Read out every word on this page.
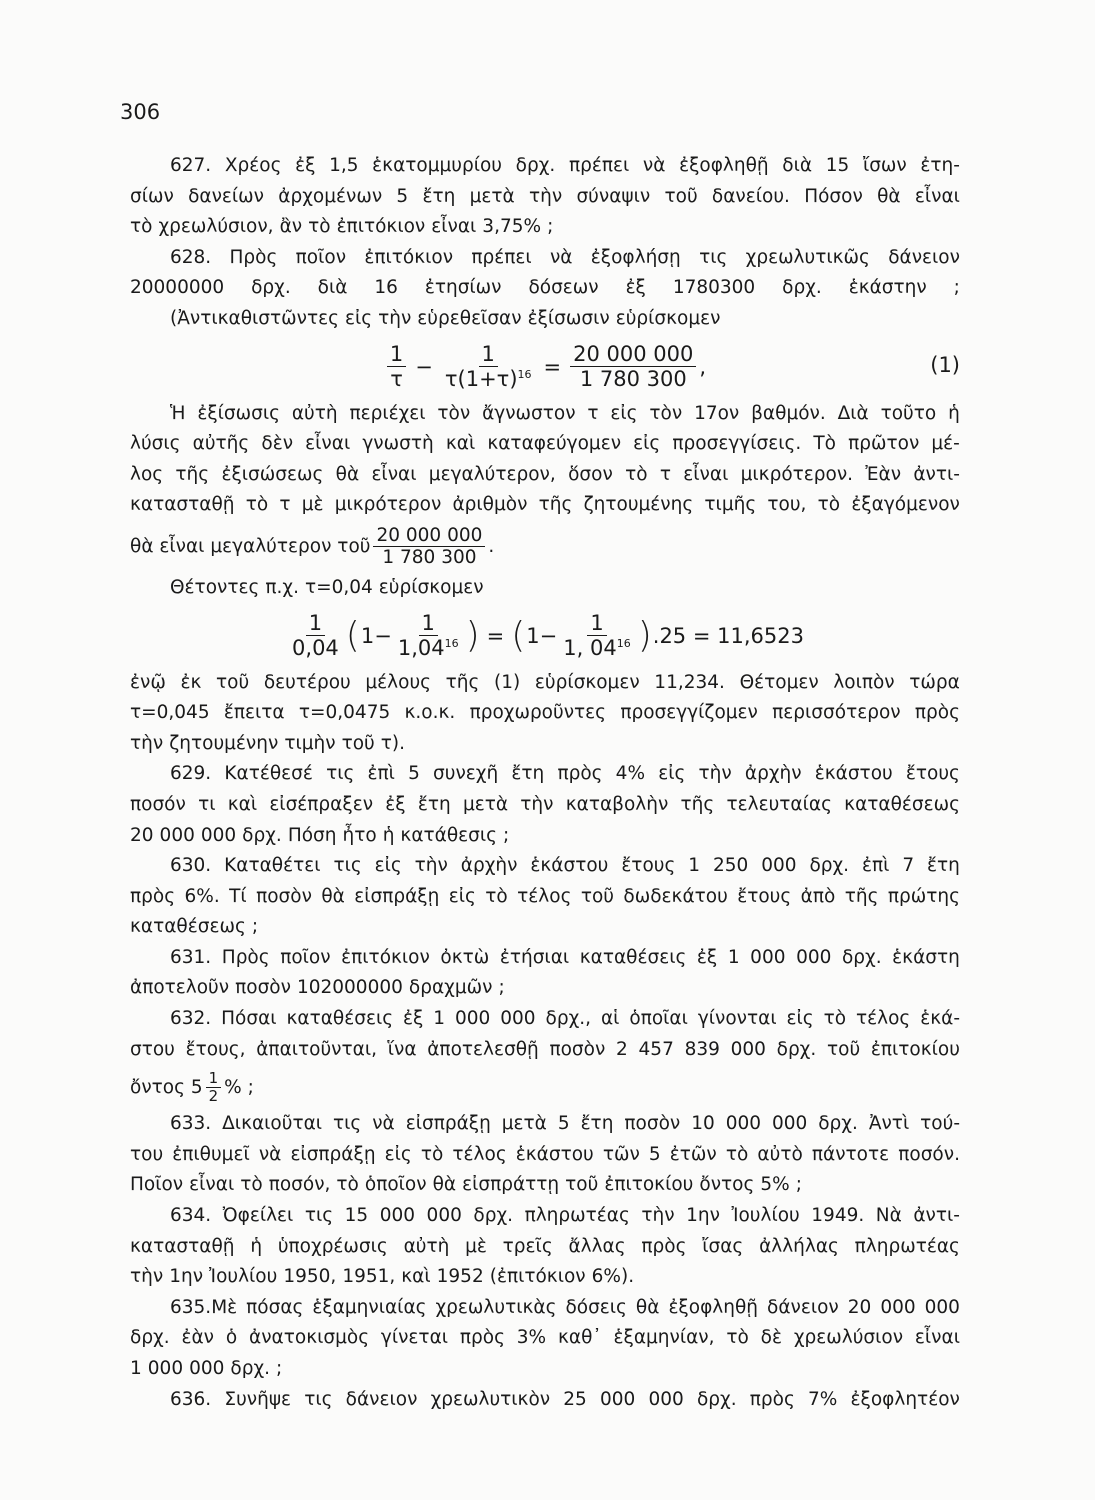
306
627. Χρέος ἐξ 1,5 ἑκατομμυρίου δρχ. πρέπει νὰ ἐξοφληθῇ διὰ 15 ἴσων ἐτη-
σίων δανείων ἀρχομένων 5 ἔτη μετὰ τὴν σύναψιν τοῦ δανείου. Πόσον θὰ εἶναι
τὸ χρεωλύσιον, ἂν τὸ ἐπιτόκιον εἶναι 3,75% ;
628. Πρὸς ποῖον ἐπιτόκιον πρέπει νὰ ἐξοφλήσῃ τις χρεωλυτικῶς δάνειον
20000000 δρχ. διὰ 16 ἐτησίων δόσεων ἐξ 1780300 δρχ. ἑκάστην ;
(Ἀντικαθιστῶντες εἰς τὴν εὑρεθεῖσαν ἐξίσωσιν εὑρίσκομεν
$\frac{1}{\tau} - \frac{1}{\tau(1+\tau)^{16}} = \frac{20 000 000}{1 780 300}$ ,	(1)
Ἡ ἐξίσωσις αὐτὴ περιέχει τὸν ἄγνωστον τ εἰς τὸν 17ον βαθμόν. Διὰ τοῦτο ἡ
λύσις αὐτῆς δὲν εἶναι γνωστὴ καὶ καταφεύγομεν εἰς προσεγγίσεις. Τὸ πρῶτον μέ-
λος τῆς ἐξισώσεως θὰ εἶναι μεγαλύτερον, ὅσον τὸ τ εἶναι μικρότερον. Ἐὰν ἀντι-
κατασταθῇ τὸ τ μὲ μικρότερον ἀριθμὸν τῆς ζητουμένης τιμῆς του, τὸ ἐξαγόμενον
θὰ εἶναι μεγαλύτερον τοῦ $\frac{20 000 000}{1 780 300}$ .
Θέτοντες π.χ. τ=0,04 εὑρίσκομεν
$\frac{1}{0,04}$ ( $1 - \frac{1}{1,04^{16}}$ ) = ( $1 - \frac{1}{1, 04^{16}}$ ) .25 = 11,6523
ἐνῷ ἐκ τοῦ δευτέρου μέλους τῆς (1) εὑρίσκομεν 11,234. Θέτομεν λοιπὸν τώρα
τ=0,045 ἔπειτα τ=0,0475 κ.ο.κ. προχωροῦντες προσεγγίζομεν περισσότερον πρὸς
τὴν ζητουμένην τιμὴν τοῦ τ).
629. Κατέθεσέ τις ἐπὶ 5 συνεχῆ ἔτη πρὸς 4% εἰς τὴν ἀρχὴν ἑκάστου ἔτους
ποσόν τι καὶ εἰσέπραξεν ἐξ ἔτη μετὰ τὴν καταβολὴν τῆς τελευταίας καταθέσεως
20 000 000 δρχ. Πόση ἦτο ἡ κατάθεσις ;
630. Καταθέτει τις εἰς τὴν ἀρχὴν ἑκάστου ἔτους 1 250 000 δρχ. ἐπὶ 7 ἔτη
πρὸς 6%. Τί ποσὸν θὰ εἰσπράξῃ εἰς τὸ τέλος τοῦ δωδεκάτου ἔτους ἀπὸ τῆς πρώτης
καταθέσεως ;
631. Πρὸς ποῖον ἐπιτόκιον ὀκτὼ ἐτήσιαι καταθέσεις ἐξ 1 000 000 δρχ. ἑκάστη
ἀποτελοῦν ποσὸν 102000000 δραχμῶν ;
632. Πόσαι καταθέσεις ἐξ 1 000 000 δρχ., αἱ ὁποῖαι γίνονται εἰς τὸ τέλος ἑκά-
στου ἔτους, ἀπαιτοῦνται, ἵνα ἀποτελεσθῇ ποσὸν 2 457 839 000 δρχ. τοῦ ἐπιτοκίου
ὄντος $5 \frac{1}{2}$ % ;
633. Δικαιοῦται τις νὰ εἰσπράξῃ μετὰ 5 ἔτη ποσὸν 10 000 000 δρχ. Ἀντὶ τού-
του ἐπιθυμεῖ νὰ εἰσπράξῃ εἰς τὸ τέλος ἑκάστου τῶν 5 ἐτῶν τὸ αὐτὸ πάντοτε ποσόν.
Ποῖον εἶναι τὸ ποσόν, τὸ ὁποῖον θὰ εἰσπράττῃ τοῦ ἐπιτοκίου ὄντος 5% ;
634. Ὀφείλει τις 15 000 000 δρχ. πληρωτέας τὴν 1ην Ἰουλίου 1949. Νὰ ἀντι-
κατασταθῇ ἡ ὑποχρέωσις αὐτὴ μὲ τρεῖς ἄλλας πρὸς ἴσας ἀλλήλας πληρωτέας
τὴν 1ην Ἰουλίου 1950, 1951, καὶ 1952 (ἐπιτόκιον 6%).
635.Μὲ πόσας ἑξαμηνιαίας χρεωλυτικὰς δόσεις θὰ ἐξοφληθῇ δάνειον 20 000 000
δρχ. ἐὰν ὁ ἀνατοκισμὸς γίνεται πρὸς 3% καθ᾽ ἑξαμηνίαν, τὸ δὲ χρεωλύσιον εἶναι
1 000 000 δρχ. ;
636. Συνῆψε τις δάνειον χρεωλυτικὸν 25 000 000 δρχ. πρὸς 7% ἐξοφλητέον
